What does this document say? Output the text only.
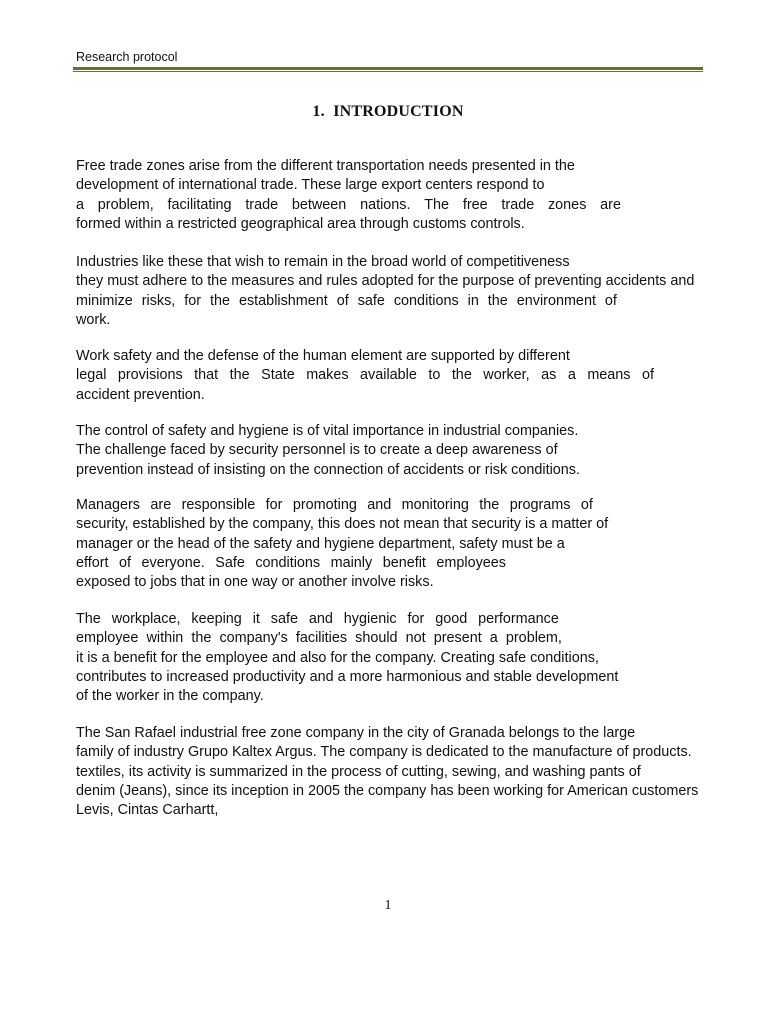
Research protocol
1. INTRODUCTION
Free trade zones arise from the different transportation needs presented in the
development of international trade. These large export centers respond to
a problem, facilitating trade between nations. The free trade zones are
formed within a restricted geographical area through customs controls.
Industries like these that wish to remain in the broad world of competitiveness
they must adhere to the measures and rules adopted for the purpose of preventing accidents and
minimize risks, for the establishment of safe conditions in the environment of
work.
Work safety and the defense of the human element are supported by different
legal provisions that the State makes available to the worker, as a means of
accident prevention.
The control of safety and hygiene is of vital importance in industrial companies.
The challenge faced by security personnel is to create a deep awareness of
prevention instead of insisting on the connection of accidents or risk conditions.
Managers are responsible for promoting and monitoring the programs of
security, established by the company, this does not mean that security is a matter of
manager or the head of the safety and hygiene department, safety must be a
effort of everyone. Safe conditions mainly benefit employees
exposed to jobs that in one way or another involve risks.
The workplace, keeping it safe and hygienic for good performance
employee within the company's facilities should not present a problem,
it is a benefit for the employee and also for the company. Creating safe conditions,
contributes to increased productivity and a more harmonious and stable development
of the worker in the company.
The San Rafael industrial free zone company in the city of Granada belongs to the large
family of industry Grupo Kaltex Argus. The company is dedicated to the manufacture of products.
textiles, its activity is summarized in the process of cutting, sewing, and washing pants of
denim (Jeans), since its inception in 2005 the company has been working for American customers
Levis, Cintas Carhartt,
1
